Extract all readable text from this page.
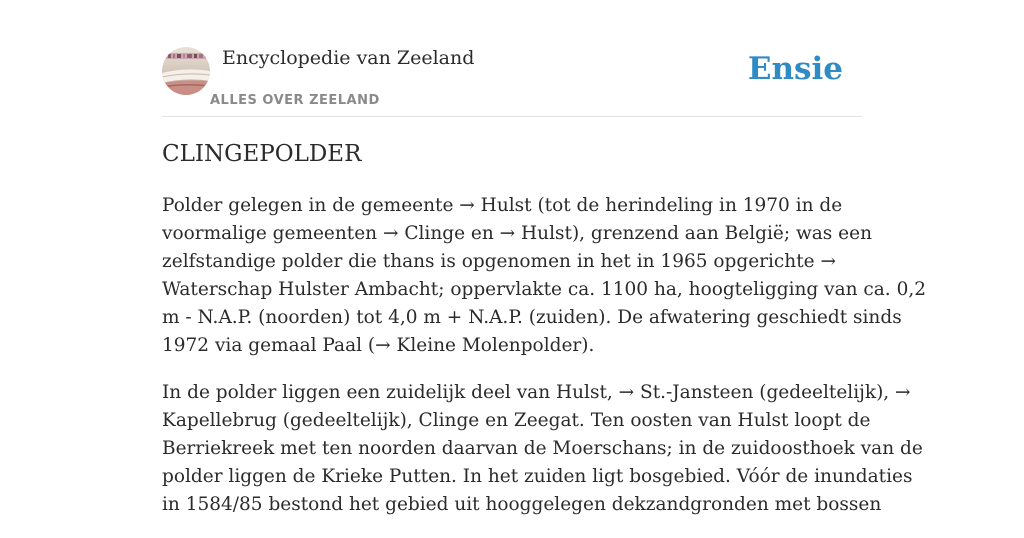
Encyclopedie van Zeeland
ALLES OVER ZEELAND
Ensie
CLINGEPOLDER

Polder gelegen in de gemeente → Hulst (tot de herindeling in 1970 in de
voormalige gemeenten → Clinge en → Hulst), grenzend aan België; was een
zelfstandige polder die thans is opgenomen in het in 1965 opgerichte →
Waterschap Hulster Ambacht; oppervlakte ca. 1100 ha, hoogteligging van ca. 0,2
m - N.A.P. (noorden) tot 4,0 m + N.A.P. (zuiden). De afwatering geschiedt sinds
1972 via gemaal Paal (→ Kleine Molenpolder).

In de polder liggen een zuidelijk deel van Hulst, → St.-Jansteen (gedeeltelijk), →
Kapellebrug (gedeeltelijk), Clinge en Zeegat. Ten oosten van Hulst loopt de
Berriekreek met ten noorden daarvan de Moerschans; in de zuidoosthoek van de
polder liggen de Krieke Putten. In het zuiden ligt bosgebied. Vóór de inundaties
in 1584/85 bestond het gebied uit hooggelegen dekzandgronden met bossen
